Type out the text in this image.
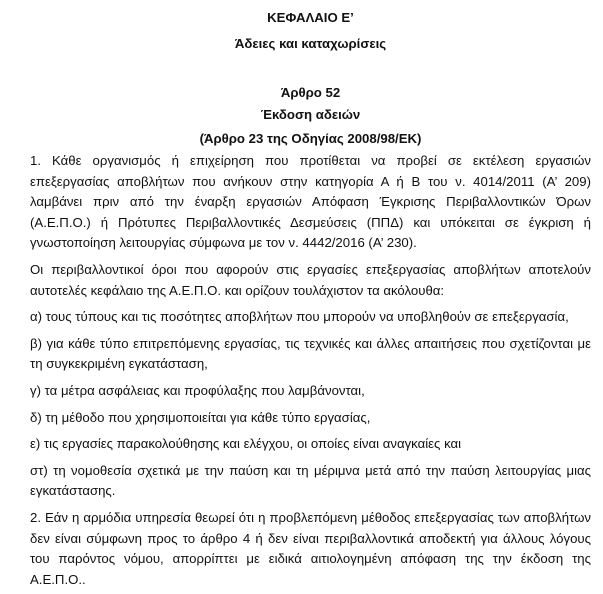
ΚΕΦΑΛΑΙΟ Ε’

Άδειες και καταχωρίσεις

Άρθρο 52

Έκδοση αδειών

(Άρθρο 23 της Οδηγίας 2008/98/ΕΚ)

1. Κάθε οργανισμός ή επιχείρηση που προτίθεται να προβεί σε εκτέλεση εργασιών επεξεργασίας αποβλήτων που ανήκουν στην κατηγορία Α ή Β του ν. 4014/2011 (Α’ 209) λαμβάνει πριν από την έναρξη εργασιών Απόφαση Έγκρισης Περιβαλλοντικών Όρων (Α.Ε.Π.Ο.) ή Πρότυπες Περιβαλλοντικές Δεσμεύσεις (ΠΠΔ) και υπόκειται σε έγκριση ή γνωστοποίηση λειτουργίας σύμφωνα με τον ν. 4442/2016 (Α’ 230).

Οι περιβαλλοντικοί όροι που αφορούν στις εργασίες επεξεργασίας αποβλήτων αποτελούν αυτοτελές κεφάλαιο της Α.Ε.Π.Ο. και ορίζουν τουλάχιστον τα ακόλουθα:

α) τους τύπους και τις ποσότητες αποβλήτων που μπορούν να υποβληθούν σε επεξεργασία,

β) για κάθε τύπο επιτρεπόμενης εργασίας, τις τεχνικές και άλλες απαιτήσεις που σχετίζονται με τη συγκεκριμένη εγκατάσταση,

γ) τα μέτρα ασφάλειας και προφύλαξης που λαμβάνονται,

δ) τη μέθοδο που χρησιμοποιείται για κάθε τύπο εργασίας,

ε) τις εργασίες παρακολούθησης και ελέγχου, οι οποίες είναι αναγκαίες και

στ) τη νομοθεσία σχετικά με την παύση και τη μέριμνα μετά από την παύση λειτουργίας μιας εγκατάστασης.

2. Εάν η αρμόδια υπηρεσία θεωρεί ότι η προβλεπόμενη μέθοδος επεξεργασίας των αποβλήτων δεν είναι σύμφωνη προς το άρθρο 4 ή δεν είναι περιβαλλοντικά αποδεκτή για άλλους λόγους του παρόντος νόμου, απορρίπτει με ειδικά αιτιολογημένη απόφαση της την έκδοση της Α.Ε.Π.Ο..
